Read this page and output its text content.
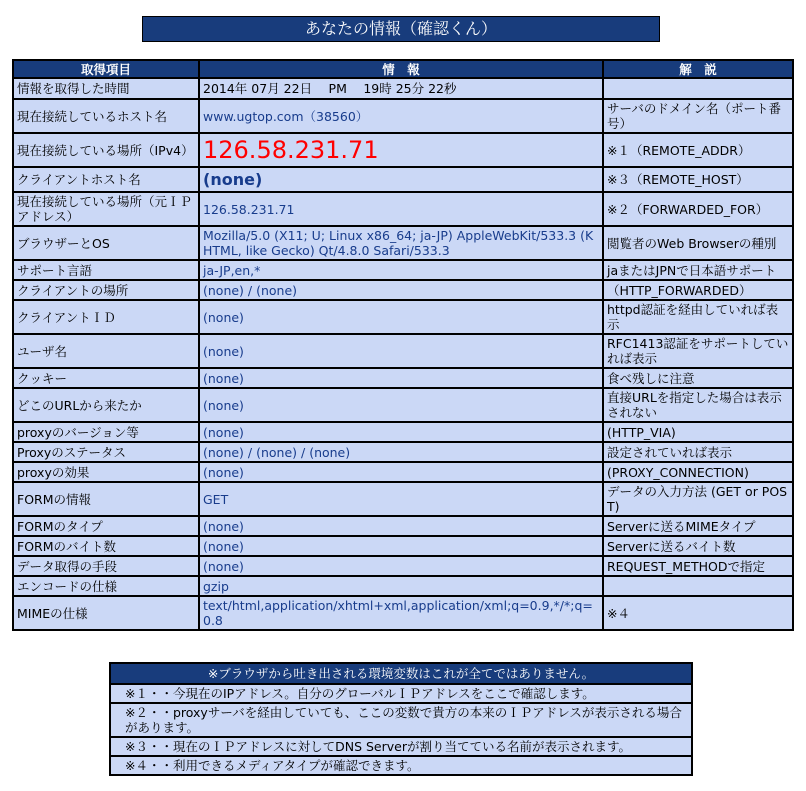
あなたの情報（確認くん）
取得項目	情　報	解　説
情報を取得した時間	2014年 07月 22日　 PM　 19時 25分 22秒	
現在接続しているホスト名	www.ugtop.com（38560）	サーバのドメイン名（ポート番号）
現在接続している場所（IPv4）	126.58.231.71	※１（REMOTE_ADDR）
クライアントホスト名	(none)	※３（REMOTE_HOST）
現在接続している場所（元ＩＰアドレス）	126.58.231.71	※２（FORWARDED_FOR）
ブラウザーとOS	Mozilla/5.0 (X11; U; Linux x86_64; ja-JP) AppleWebKit/533.3 (KHTML, like Gecko) Qt/4.8.0 Safari/533.3	閲覧者のWeb Browserの種別
サポート言語	ja-JP,en,*	jaまたはJPNで日本語サポート
クライアントの場所	(none) / (none)	（HTTP_FORWARDED）
クライアントＩＤ	(none)	httpd認証を経由していれば表示
ユーザ名	(none)	RFC1413認証をサポートしていれば表示
クッキー	(none)	食べ残しに注意
どこのURLから来たか	(none)	直接URLを指定した場合は表示されない
proxyのバージョン等	(none)	(HTTP_VIA)
Proxyのステータス	(none) / (none) / (none)	設定されていれば表示
proxyの効果	(none)	(PROXY_CONNECTION)
FORMの情報	GET	データの入力方法 (GET or POST)
FORMのタイプ	(none)	Serverに送るMIMEタイプ
FORMのバイト数	(none)	Serverに送るバイト数
データ取得の手段	(none)	REQUEST_METHODで指定
エンコードの仕様	gzip	
MIMEの仕様	text/html,application/xhtml+xml,application/xml;q=0.9,*/*;q=0.8	※４
※ブラウザから吐き出される環境変数はこれが全てではありません。
※１・・今現在のIPアドレス。自分のグローバルＩＰアドレスをここで確認します。
※２・・proxyサーバを経由していても、ここの変数で貴方の本来のＩＰアドレスが表示される場合があります。
※３・・現在のＩＰアドレスに対してDNS Serverが割り当てている名前が表示されます。
※４・・利用できるメディアタイプが確認できます。
